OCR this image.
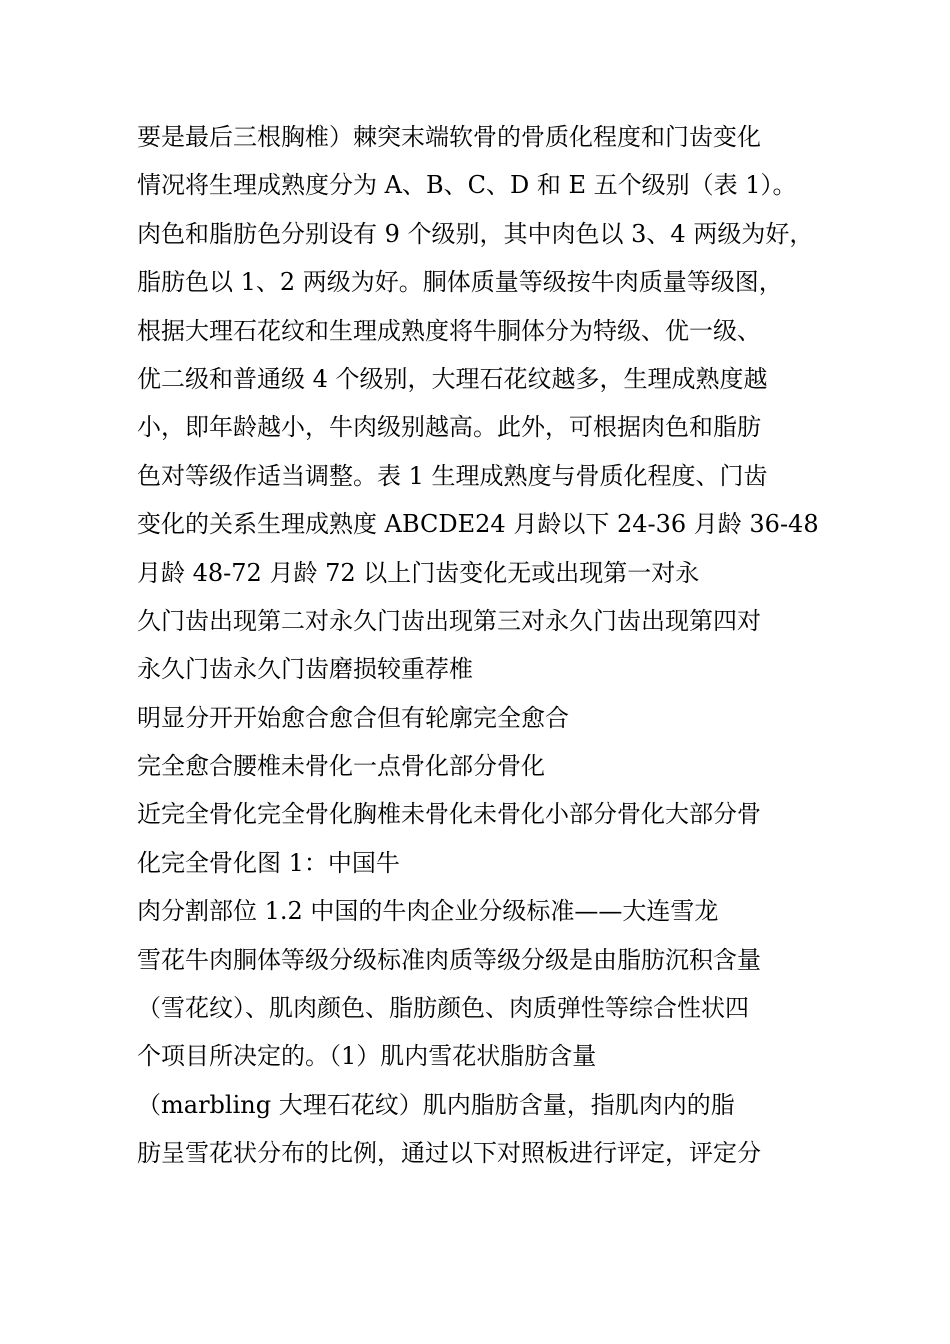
要是最后三根胸椎）棘突末端软骨的骨质化程度和门齿变化
情况将生理成熟度分为 A、B、C、D 和 E 五个级别（表 1）。
肉色和脂肪色分别设有 9 个级别，其中肉色以 3、4 两级为好，
脂肪色以 1、2 两级为好。胴体质量等级按牛肉质量等级图，
根据大理石花纹和生理成熟度将牛胴体分为特级、优一级、
优二级和普通级 4 个级别，大理石花纹越多，生理成熟度越
小，即年龄越小，牛肉级别越高。此外，可根据肉色和脂肪
色对等级作适当调整。表 1 生理成熟度与骨质化程度、门齿
变化的关系生理成熟度 ABCDE24 月龄以下 24-36 月龄 36-48
月龄 48-72 月龄 72 以上门齿变化无或出现第一对永
久门齿出现第二对永久门齿出现第三对永久门齿出现第四对
永久门齿永久门齿磨损较重荐椎
明显分开开始愈合愈合但有轮廓完全愈合
完全愈合腰椎未骨化一点骨化部分骨化
近完全骨化完全骨化胸椎未骨化未骨化小部分骨化大部分骨
化完全骨化图 1：中国牛
肉分割部位 1.2 中国的牛肉企业分级标准——大连雪龙
雪花牛肉胴体等级分级标准肉质等级分级是由脂肪沉积含量
（雪花纹）、肌肉颜色、脂肪颜色、肉质弹性等综合性状四
个项目所决定的。（1）肌内雪花状脂肪含量
（marbling 大理石花纹）肌内脂肪含量，指肌肉内的脂
肪呈雪花状分布的比例，通过以下对照板进行评定，评定分
